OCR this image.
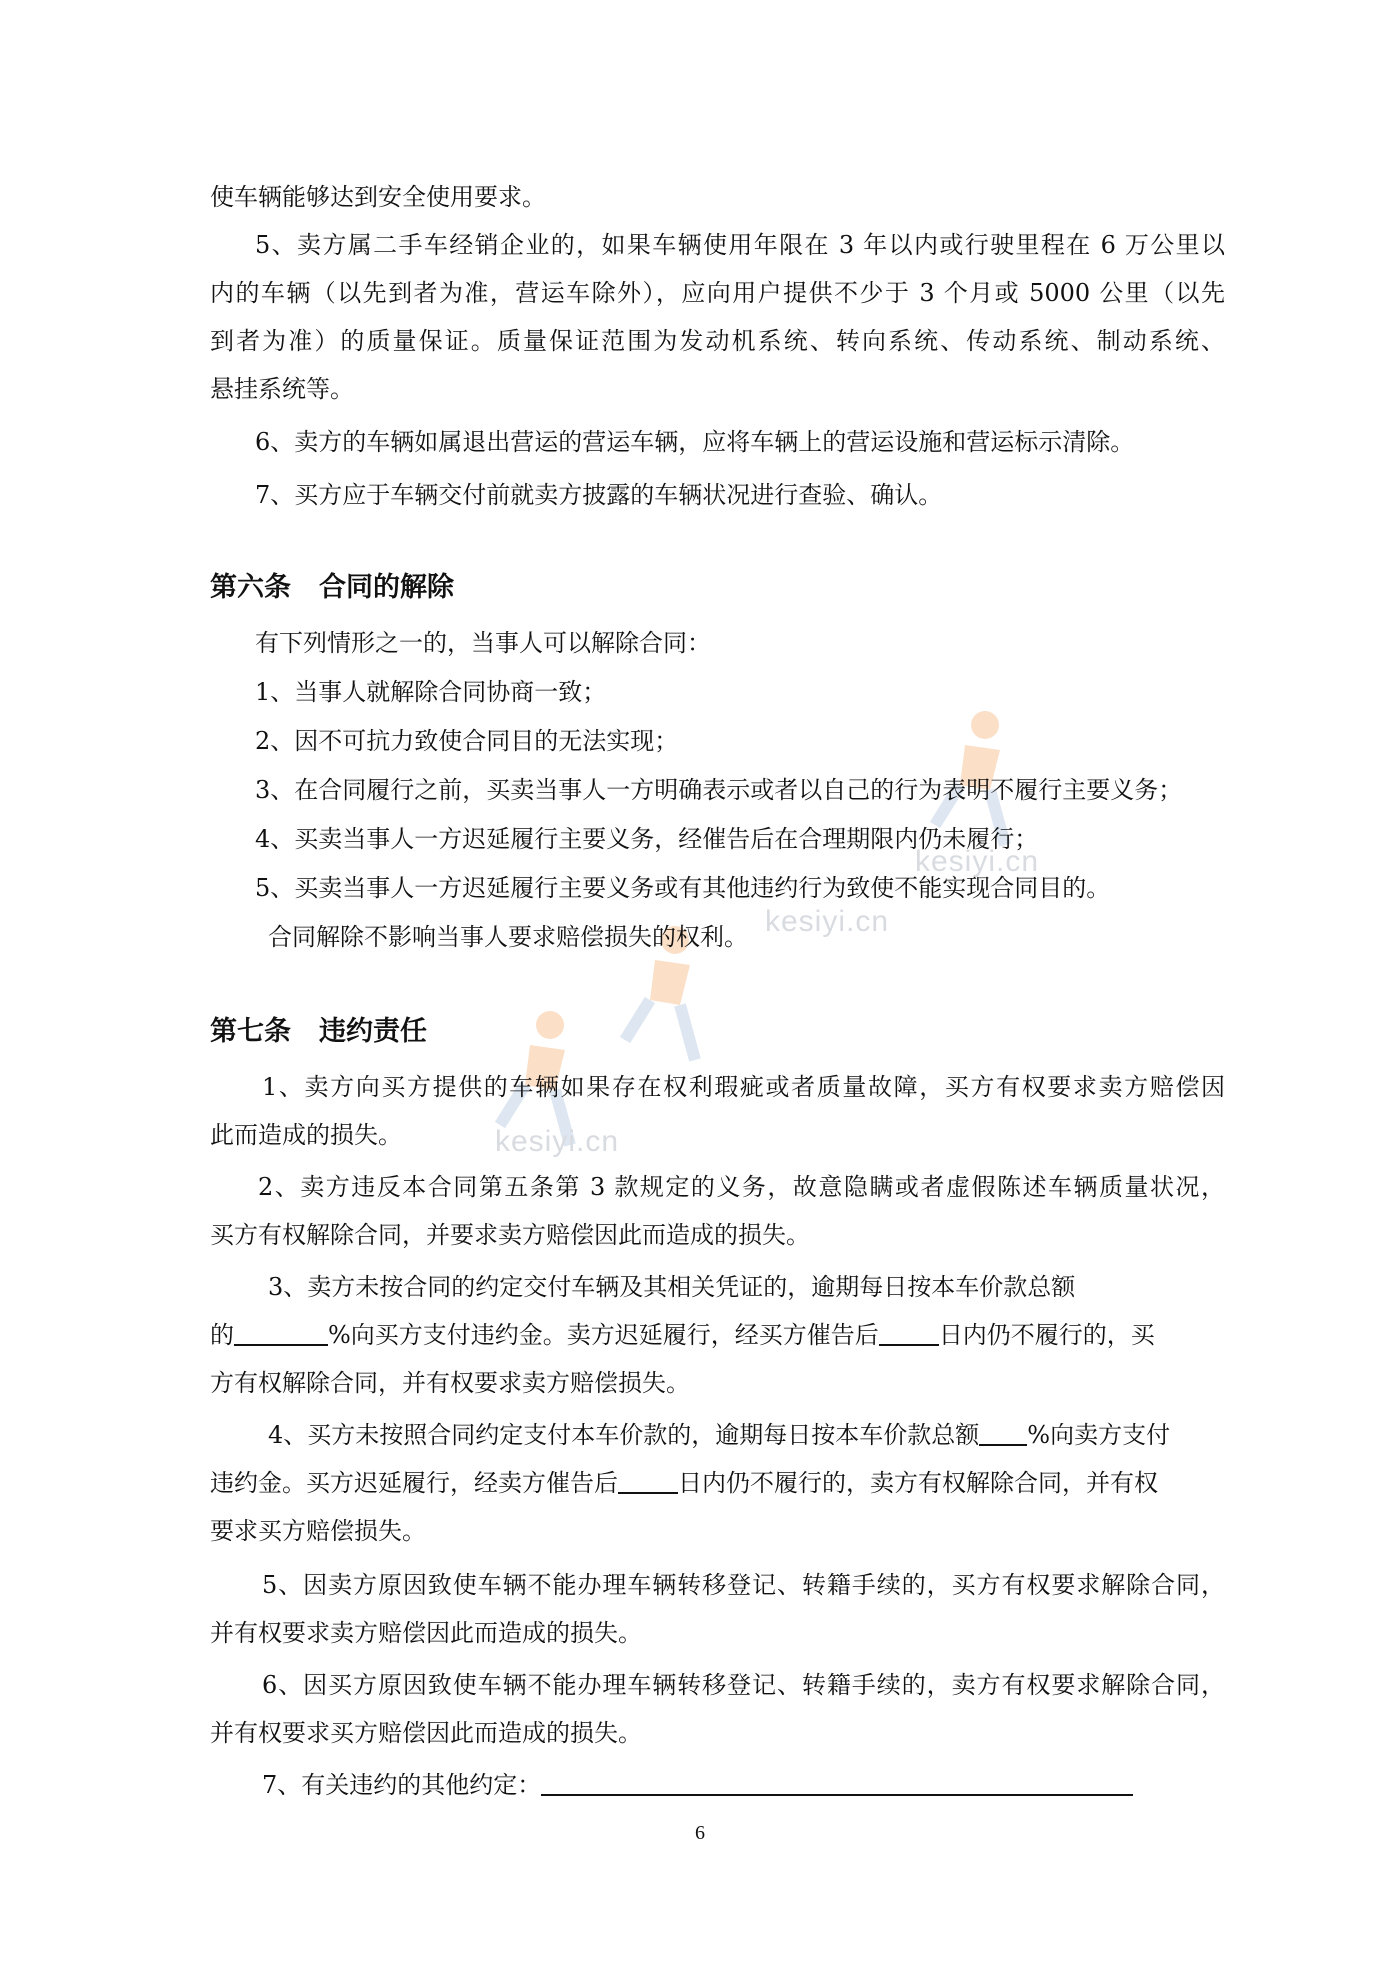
kesiyi.cn
kesiyi.cn
kesiyi.cn

使车辆能够达到安全使用要求。

5、卖方属二手车经销企业的，如果车辆使用年限在 3 年以内或行驶里程在 6 万公里以

内的车辆（以先到者为准，营运车除外），应向用户提供不少于 3 个月或 5000 公里（以先

到者为准）的质量保证。质量保证范围为发动机系统、转向系统、传动系统、制动系统、

悬挂系统等。

6、卖方的车辆如属退出营运的营运车辆，应将车辆上的营运设施和营运标示清除。

7、买方应于车辆交付前就卖方披露的车辆状况进行查验、确认。

第六条 合同的解除

有下列情形之一的，当事人可以解除合同：

1、当事人就解除合同协商一致；

2、因不可抗力致使合同目的无法实现；

3、在合同履行之前，买卖当事人一方明确表示或者以自己的行为表明不履行主要义务；

4、买卖当事人一方迟延履行主要义务，经催告后在合理期限内仍未履行；

5、买卖当事人一方迟延履行主要义务或有其他违约行为致使不能实现合同目的。

合同解除不影响当事人要求赔偿损失的权利。

第七条 违约责任

1、卖方向买方提供的车辆如果存在权利瑕疵或者质量故障，买方有权要求卖方赔偿因

此而造成的损失。

2、卖方违反本合同第五条第 3 款规定的义务，故意隐瞒或者虚假陈述车辆质量状况，

买方有权解除合同，并要求卖方赔偿因此而造成的损失。

3、卖方未按合同的约定交付车辆及其相关凭证的，逾期每日按本车价款总额

的	%向买方支付违约金。卖方迟延履行，经买方催告后	日内仍不履行的，买

方有权解除合同，并有权要求卖方赔偿损失。

4、买方未按照合同约定支付本车价款的，逾期每日按本车价款总额 %向卖方支付

违约金。买方迟延履行，经卖方催告后	日内仍不履行的，卖方有权解除合同，并有权

要求买方赔偿损失。

5、因卖方原因致使车辆不能办理车辆转移登记、转籍手续的，买方有权要求解除合同，

并有权要求卖方赔偿因此而造成的损失。

6、因买方原因致使车辆不能办理车辆转移登记、转籍手续的，卖方有权要求解除合同，

并有权要求买方赔偿因此而造成的损失。

7、有关违约的其他约定：

6
